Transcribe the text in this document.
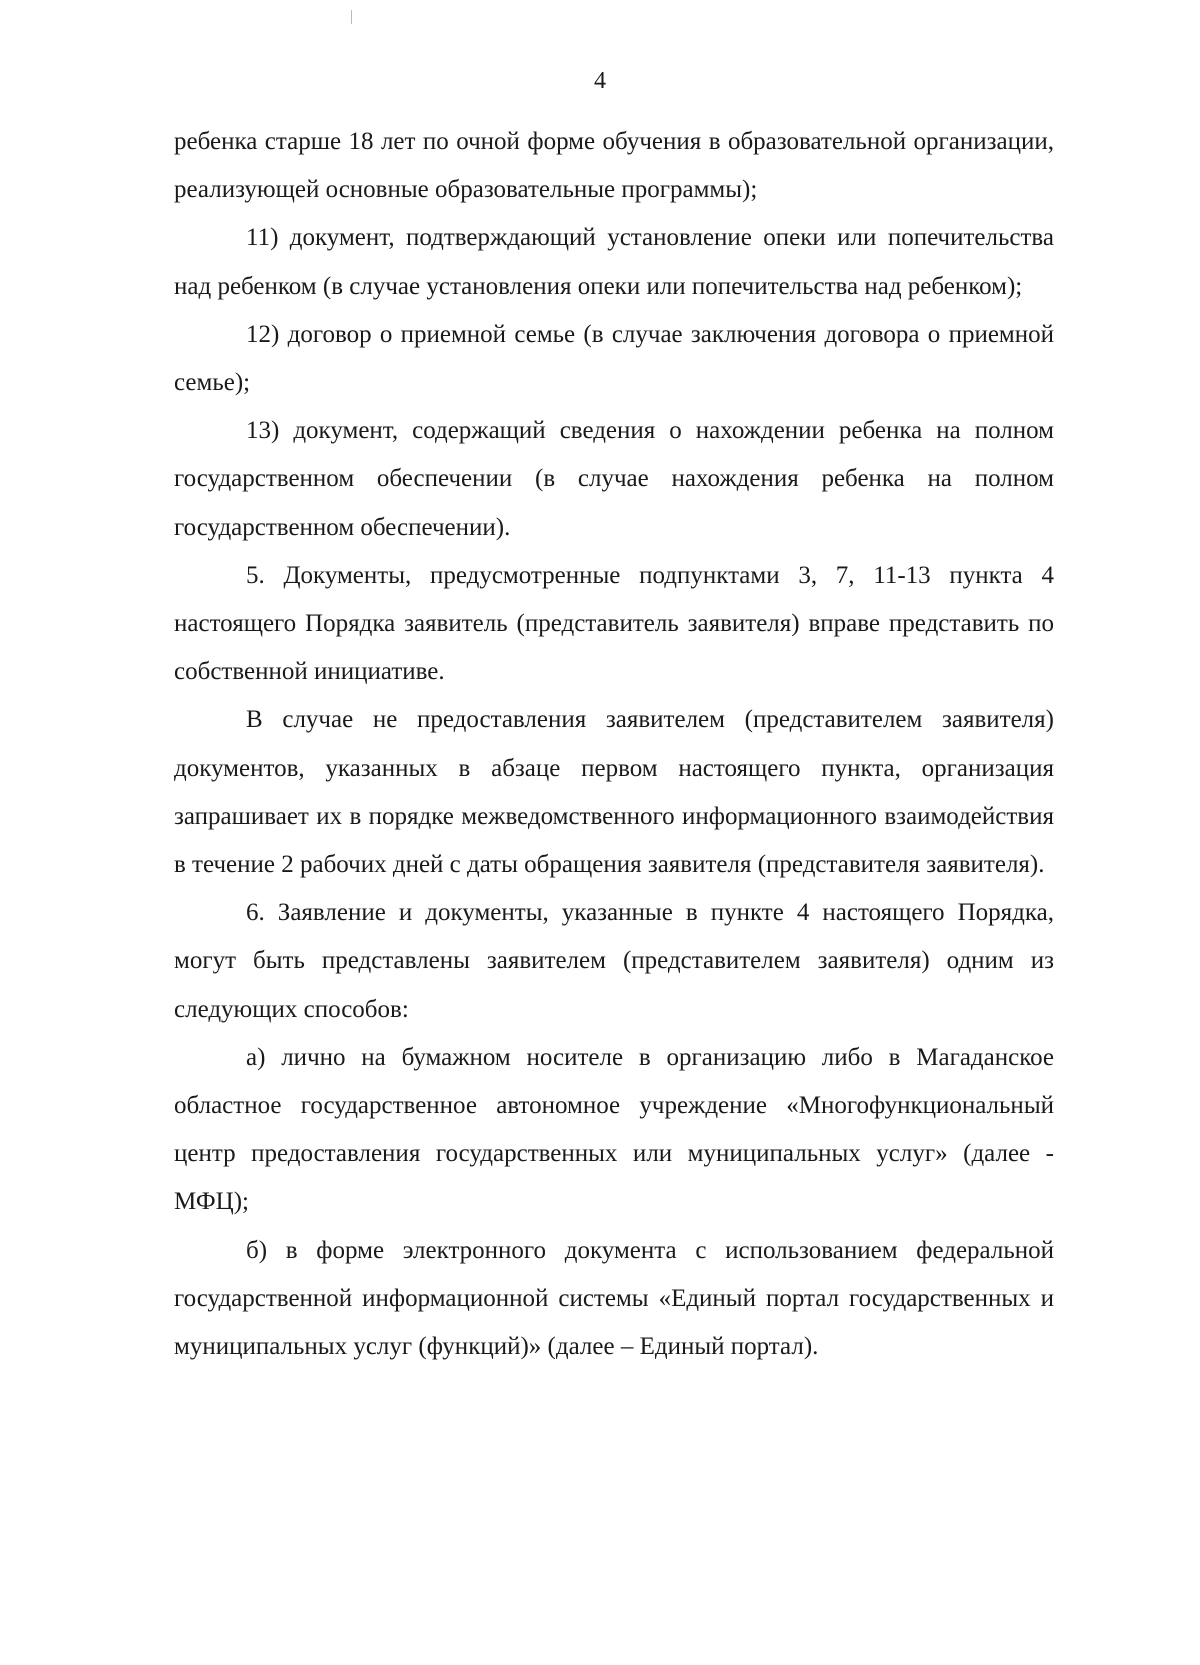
4

ребенка старше 18 лет по очной форме обучения в образовательной организации, реализующей основные образовательные программы);

11) документ, подтверждающий установление опеки или попечительства над ребенком (в случае установления опеки или попечительства над ребенком);

12) договор о приемной семье (в случае заключения договора о приемной семье);

13) документ, содержащий сведения о нахождении ребенка на полном государственном обеспечении (в случае нахождения ребенка на полном государственном обеспечении).

5. Документы, предусмотренные подпунктами 3, 7, 11-13 пункта 4 настоящего Порядка заявитель (представитель заявителя) вправе представить по собственной инициативе.

В случае не предоставления заявителем (представителем заявителя) документов, указанных в абзаце первом настоящего пункта, организация запрашивает их в порядке межведомственного информационного взаимодействия в течение 2 рабочих дней с даты обращения заявителя (представителя заявителя).

6. Заявление и документы, указанные в пункте 4 настоящего Порядка, могут быть представлены заявителем (представителем заявителя) одним из следующих способов:

а) лично на бумажном носителе в организацию либо в Магаданское областное государственное автономное учреждение «Многофункциональный центр предоставления государственных или муниципальных услуг» (далее - МФЦ);

б) в форме электронного документа с использованием федеральной государственной информационной системы «Единый портал государственных и муниципальных услуг (функций)» (далее – Единый портал).
